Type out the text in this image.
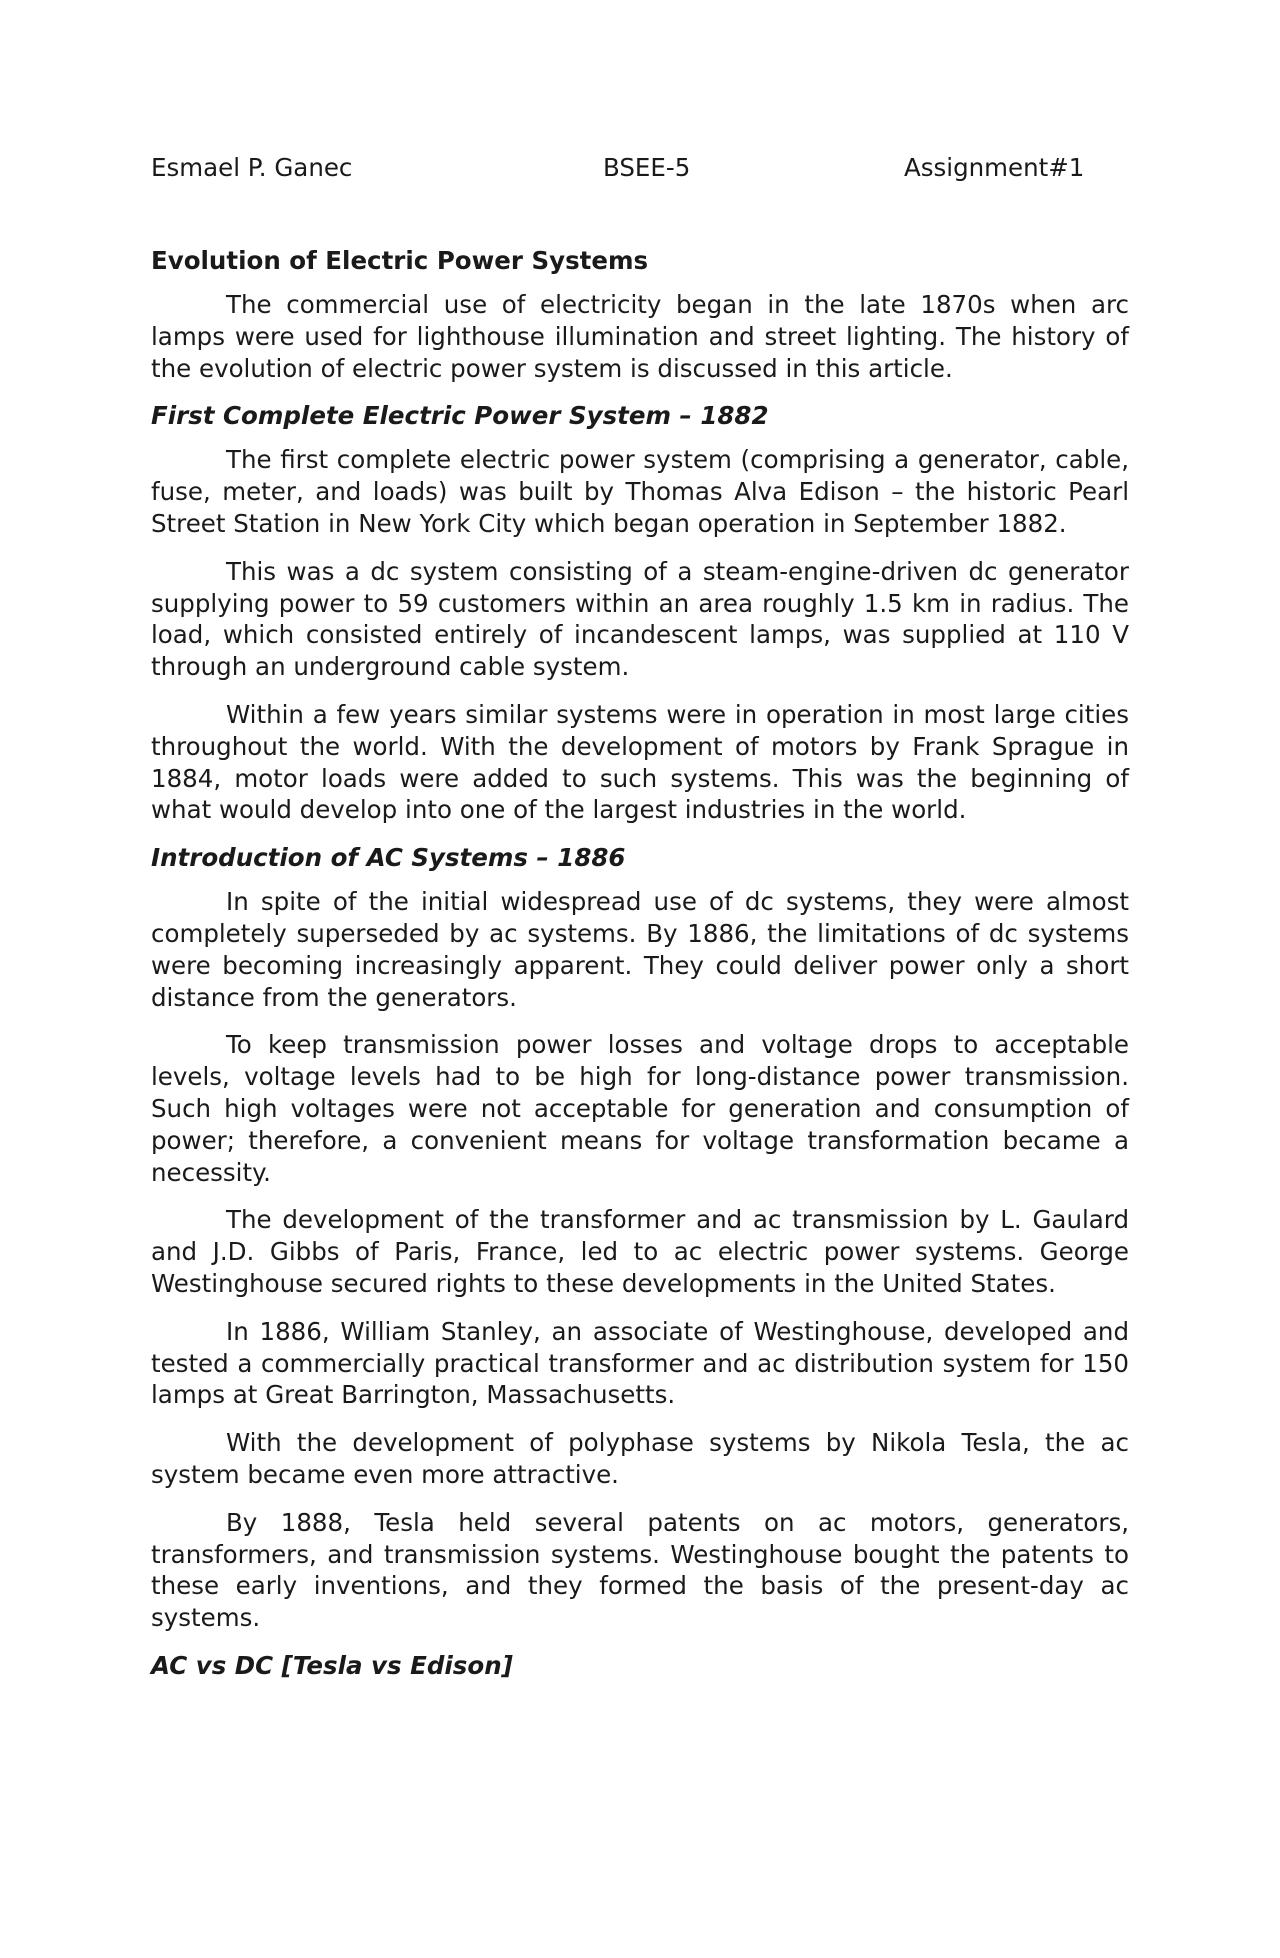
Esmael P. Ganec	BSEE-5	Assignment#1
Evolution of Electric Power Systems

The commercial use of electricity began in the late 1870s when arc lamps were used for lighthouse illumination and street lighting. The history of the evolution of electric power system is discussed in this article.

First Complete Electric Power System – 1882

The first complete electric power system (comprising a generator, cable, fuse, meter, and loads) was built by Thomas Alva Edison – the historic Pearl Street Station in New York City which began operation in September 1882.

This was a dc system consisting of a steam-engine-driven dc generator supplying power to 59 customers within an area roughly 1.5 km in radius. The load, which consisted entirely of incandescent lamps, was supplied at 110 V through an underground cable system.

Within a few years similar systems were in operation in most large cities throughout the world. With the development of motors by Frank Sprague in 1884, motor loads were added to such systems. This was the beginning of what would develop into one of the largest industries in the world.

Introduction of AC Systems – 1886

In spite of the initial widespread use of dc systems, they were almost completely superseded by ac systems. By 1886, the limitations of dc systems were becoming increasingly apparent. They could deliver power only a short distance from the generators.

To keep transmission power losses and voltage drops to acceptable levels, voltage levels had to be high for long-distance power transmission. Such high voltages were not acceptable for generation and consumption of power; therefore, a convenient means for voltage transformation became a necessity.

The development of the transformer and ac transmission by L. Gaulard and J.D. Gibbs of Paris, France, led to ac electric power systems. George Westinghouse secured rights to these developments in the United States.

In 1886, William Stanley, an associate of Westinghouse, developed and tested a commercially practical transformer and ac distribution system for 150 lamps at Great Barrington, Massachusetts.

With the development of polyphase systems by Nikola Tesla, the ac system became even more attractive.

By 1888, Tesla held several patents on ac motors, generators, transformers, and transmission systems. Westinghouse bought the patents to these early inventions, and they formed the basis of the present-day ac systems.

AC vs DC [Tesla vs Edison]
